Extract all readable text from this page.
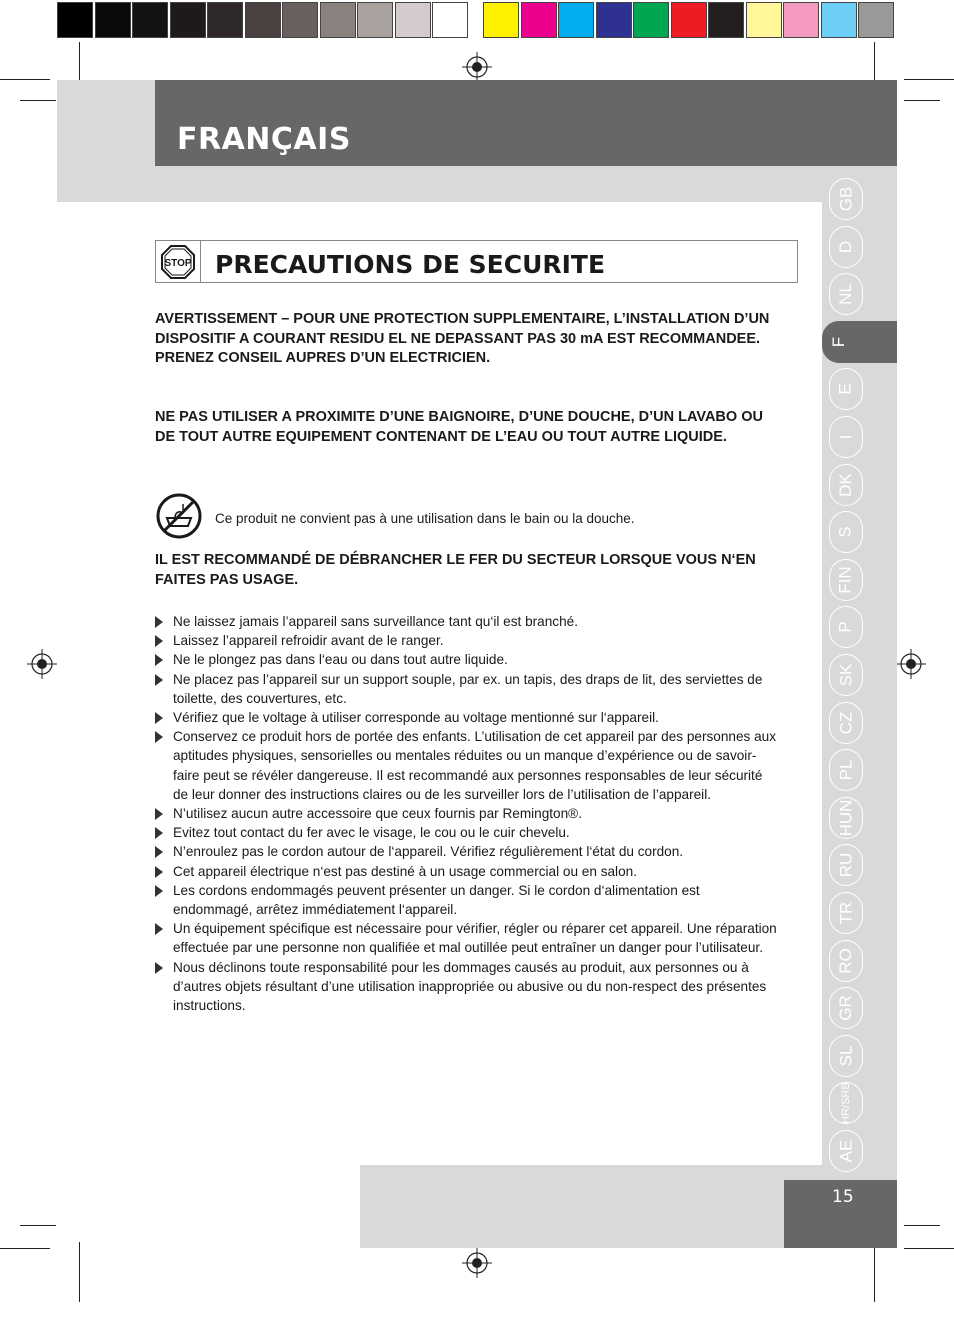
FRANÇAIS
GB
D
NL
F
E
I
DK
S
FIN
P
SK
CZ
PL
HUN
RU
TR
RO
GR
SL
HR/SRB
AE
STOP PRECAUTIONS DE SECURITE
AVERTISSEMENT – POUR UNE PROTECTION SUPPLEMENTAIRE, L’INSTALLATION D’UN DISPOSITIF A COURANT RESIDU EL NE DEPASSANT PAS 30 mA EST RECOMMANDEE. PRENEZ CONSEIL AUPRES D’UN ELECTRICIEN.
NE PAS UTILISER A PROXIMITE D’UNE BAIGNOIRE, D’UNE DOUCHE, D’UN LAVABO OU DE TOUT AUTRE EQUIPEMENT CONTENANT DE L’EAU OU TOUT AUTRE LIQUIDE.
Ce produit ne convient pas à une utilisation dans le bain ou la douche.
IL EST RECOMMANDÉ DE DÉBRANCHER LE FER DU SECTEUR LORSQUE VOUS N‘EN FAITES PAS USAGE.
Ne laissez jamais l’appareil sans surveillance tant qu‘il est branché.
Laissez l’appareil refroidir avant de le ranger.
Ne le plongez pas dans l‘eau ou dans tout autre liquide.
Ne placez pas l’appareil sur un support souple, par ex. un tapis, des draps de lit, des serviettes de toilette, des couvertures, etc.
Vérifiez que le voltage à utiliser corresponde au voltage mentionné sur l‘appareil.
Conservez ce produit hors de portée des enfants. L’utilisation de cet appareil par des personnes aux aptitudes physiques, sensorielles ou mentales réduites ou un manque d’expérience ou de savoir-faire peut se révéler dangereuse. Il est recommandé aux personnes responsables de leur sécurité de leur donner des instructions claires ou de les surveiller lors de l’utilisation de l’appareil.
N’utilisez aucun autre accessoire que ceux fournis par Remington®.
Evitez tout contact du fer avec le visage, le cou ou le cuir chevelu.
N’enroulez pas le cordon autour de l‘appareil. Vérifiez régulièrement l‘état du cordon.
Cet appareil électrique n‘est pas destiné à un usage commercial ou en salon.
Les cordons endommagés peuvent présenter un danger. Si le cordon d‘alimentation est endommagé, arrêtez immédiatement l‘appareil.
Un équipement spécifique est nécessaire pour vérifier, régler ou réparer cet appareil. Une réparation effectuée par une personne non qualifiée et mal outillée peut entraîner un danger pour l’utilisateur.
Nous déclinons toute responsabilité pour les dommages causés au produit, aux personnes ou à d’autres objets résultant d’une utilisation inappropriée ou abusive ou du non-respect des présentes instructions.
15
